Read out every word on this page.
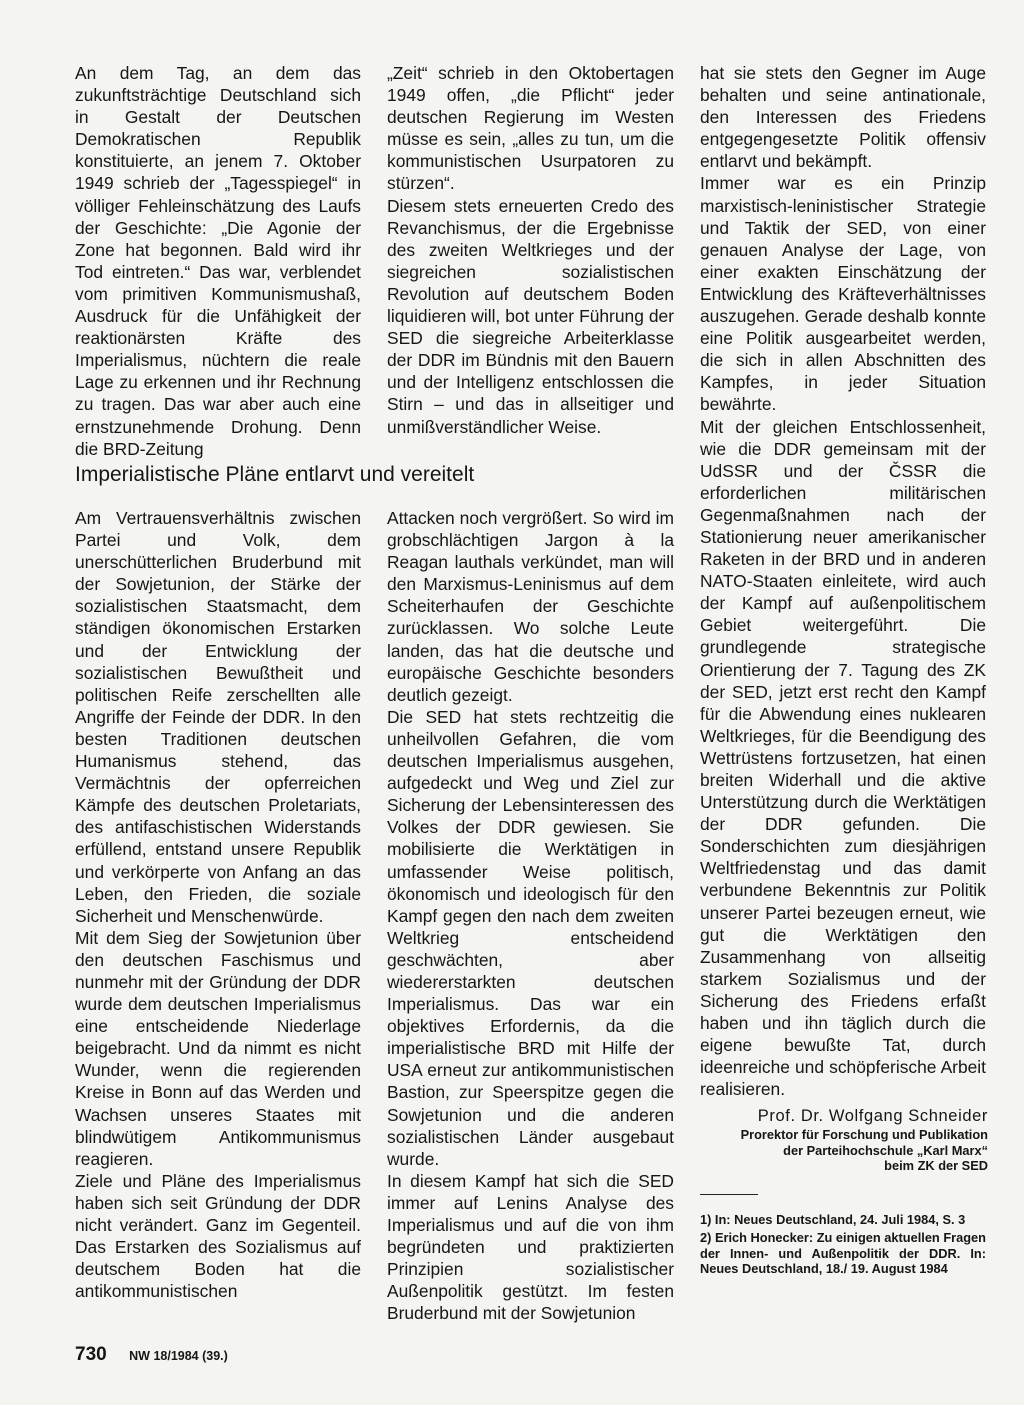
An dem Tag, an dem das zukunftsträchtige Deutschland sich in Gestalt der Deutschen Demokratischen Republik konstituierte, an jenem 7. Oktober 1949 schrieb der „Tagesspiegel“ in völliger Fehleinschätzung des Laufs der Geschichte: „Die Agonie der Zone hat begonnen. Bald wird ihr Tod eintreten.“ Das war, verblendet vom primitiven Kommunismushaß, Ausdruck für die Unfähigkeit der reaktionärsten Kräfte des Imperialismus, nüchtern die reale Lage zu erkennen und ihr Rechnung zu tragen. Das war aber auch eine ernstzunehmende Drohung. Denn die BRD-Zeitung

„Zeit“ schrieb in den Oktobertagen 1949 offen, „die Pflicht“ jeder deutschen Regierung im Westen müsse es sein, „alles zu tun, um die kommunistischen Usurpatoren zu stürzen“.

Diesem stets erneuerten Credo des Revanchismus, der die Ergebnisse des zweiten Weltkrieges und der siegreichen sozialistischen Revolution auf deutschem Boden liquidieren will, bot unter Führung der SED die siegreiche Arbeiterklasse der DDR im Bündnis mit den Bauern und der Intelligenz entschlossen die Stirn – und das in allseitiger und unmißverständlicher Weise.

Imperialistische Pläne entlarvt und vereitelt

Am Vertrauensverhältnis zwischen Partei und Volk, dem unerschütterlichen Bruderbund mit der Sowjetunion, der Stärke der sozialistischen Staatsmacht, dem ständigen ökonomischen Erstarken und der Entwicklung der sozialistischen Bewußtheit und politischen Reife zerschellten alle Angriffe der Feinde der DDR. In den besten Traditionen deutschen Humanismus stehend, das Vermächtnis der opferreichen Kämpfe des deutschen Proletariats, des antifaschistischen Widerstands erfüllend, entstand unsere Republik und verkörperte von Anfang an das Leben, den Frieden, die soziale Sicherheit und Menschenwürde.

Mit dem Sieg der Sowjetunion über den deutschen Faschismus und nunmehr mit der Gründung der DDR wurde dem deutschen Imperialismus eine entscheidende Niederlage beigebracht. Und da nimmt es nicht Wunder, wenn die regierenden Kreise in Bonn auf das Werden und Wachsen unseres Staates mit blindwütigem Antikommunismus reagieren.

Ziele und Pläne des Imperialismus haben sich seit Gründung der DDR nicht verändert. Ganz im Gegenteil. Das Erstarken des Sozialismus auf deutschem Boden hat die antikommunistischen

Attacken noch vergrößert. So wird im grobschlächtigen Jargon à la Reagan lauthals verkündet, man will den Marxismus-Leninismus auf dem Scheiterhaufen der Geschichte zurücklassen. Wo solche Leute landen, das hat die deutsche und europäische Geschichte besonders deutlich gezeigt.

Die SED hat stets rechtzeitig die unheilvollen Gefahren, die vom deutschen Imperialismus ausgehen, aufgedeckt und Weg und Ziel zur Sicherung der Lebensinteressen des Volkes der DDR gewiesen. Sie mobilisierte die Werktätigen in umfassender Weise politisch, ökonomisch und ideologisch für den Kampf gegen den nach dem zweiten Weltkrieg entscheidend geschwächten, aber wiedererstarkten deutschen Imperialismus. Das war ein objektives Erfordernis, da die imperialistische BRD mit Hilfe der USA erneut zur antikommunistischen Bastion, zur Speerspitze gegen die Sowjetunion und die anderen sozialistischen Länder ausgebaut wurde.

In diesem Kampf hat sich die SED immer auf Lenins Analyse des Imperialismus und auf die von ihm begründeten und praktizierten Prinzipien sozialistischer Außenpolitik gestützt. Im festen Bruderbund mit der Sowjetunion

hat sie stets den Gegner im Auge behalten und seine antinationale, den Interessen des Friedens entgegengesetzte Politik offensiv entlarvt und bekämpft.

Immer war es ein Prinzip marxistisch-leninistischer Strategie und Taktik der SED, von einer genauen Analyse der Lage, von einer exakten Einschätzung der Entwicklung des Kräfteverhältnisses auszugehen. Gerade deshalb konnte eine Politik ausgearbeitet werden, die sich in allen Abschnitten des Kampfes, in jeder Situation bewährte.

Mit der gleichen Entschlossenheit, wie die DDR gemeinsam mit der UdSSR und der ČSSR die erforderlichen militärischen Gegenmaßnahmen nach der Stationierung neuer amerikanischer Raketen in der BRD und in anderen NATO-Staaten einleitete, wird auch der Kampf auf außenpolitischem Gebiet weitergeführt. Die grundlegende strategische Orientierung der 7. Tagung des ZK der SED, jetzt erst recht den Kampf für die Abwendung eines nuklearen Weltkrieges, für die Beendigung des Wettrüstens fortzusetzen, hat einen breiten Widerhall und die aktive Unterstützung durch die Werktätigen der DDR gefunden. Die Sonderschichten zum diesjährigen Weltfriedenstag und das damit verbundene Bekenntnis zur Politik unserer Partei bezeugen erneut, wie gut die Werktätigen den Zusammenhang von allseitig starkem Sozialismus und der Sicherung des Friedens erfaßt haben und ihn täglich durch die eigene bewußte Tat, durch ideenreiche und schöpferische Arbeit realisieren.

Prof. Dr. Wolfgang Schneider
Prorektor für Forschung und Publikation
der Parteihochschule „Karl Marx“
beim ZK der SED

1) In: Neues Deutschland, 24. Juli 1984, S. 3

2) Erich Honecker: Zu einigen aktuellen Fragen der Innen- und Außenpolitik der DDR. In: Neues Deutschland, 18./ 19. August 1984

730 NW 18/1984 (39.)
